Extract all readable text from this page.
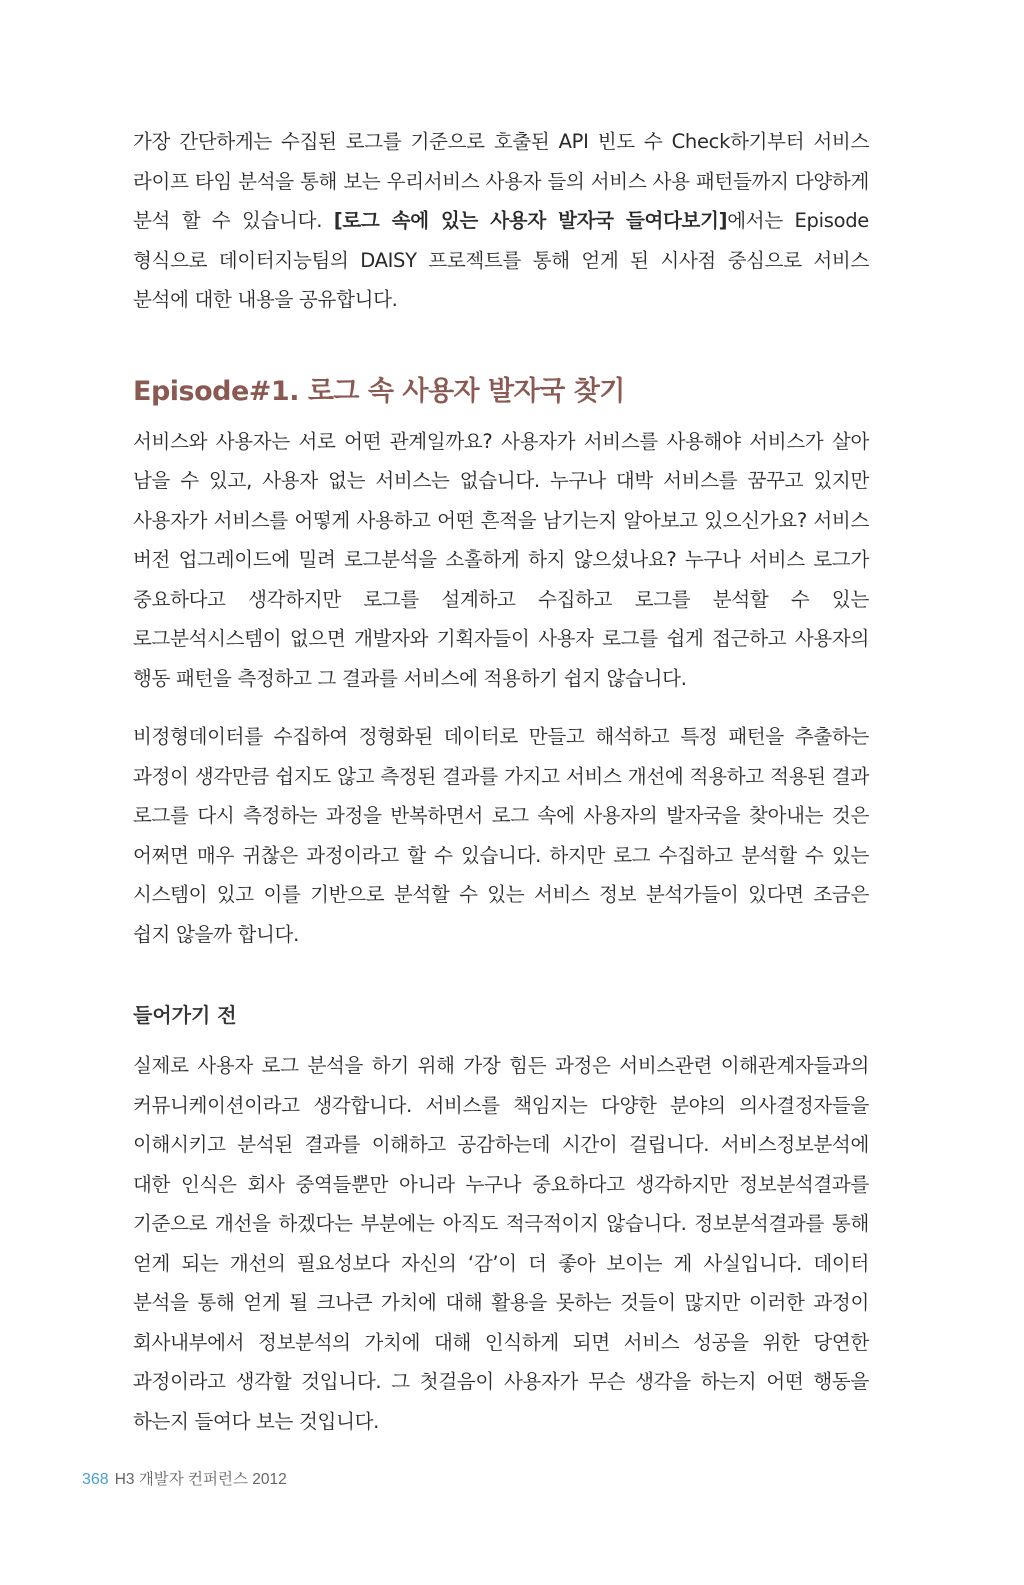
가장 간단하게는 수집된 로그를 기준으로 호출된 API 빈도 수 Check하기부터 서비스 라이프 타임 분석을 통해 보는 우리서비스 사용자 들의 서비스 사용 패턴들까지 다양하게 분석 할 수 있습니다. [로그 속에 있는 사용자 발자국 들여다보기]에서는 Episode 형식으로 데이터지능팀의 DAISY 프로젝트를 통해 얻게 된 시사점 중심으로 서비스 분석에 대한 내용을 공유합니다.

Episode#1. 로그 속 사용자 발자국 찾기

서비스와 사용자는 서로 어떤 관계일까요? 사용자가 서비스를 사용해야 서비스가 살아 남을 수 있고, 사용자 없는 서비스는 없습니다. 누구나 대박 서비스를 꿈꾸고 있지만 사용자가 서비스를 어떻게 사용하고 어떤 흔적을 남기는지 알아보고 있으신가요? 서비스 버전 업그레이드에 밀려 로그분석을 소홀하게 하지 않으셨나요? 누구나 서비스 로그가 중요하다고 생각하지만 로그를 설계하고 수집하고 로그를 분석할 수 있는 로그분석시스템이 없으면 개발자와 기획자들이 사용자 로그를 쉽게 접근하고 사용자의 행동 패턴을 측정하고 그 결과를 서비스에 적용하기 쉽지 않습니다.

비정형데이터를 수집하여 정형화된 데이터로 만들고 해석하고 특정 패턴을 추출하는 과정이 생각만큼 쉽지도 않고 측정된 결과를 가지고 서비스 개선에 적용하고 적용된 결과 로그를 다시 측정하는 과정을 반복하면서 로그 속에 사용자의 발자국을 찾아내는 것은 어쩌면 매우 귀찮은 과정이라고 할 수 있습니다. 하지만 로그 수집하고 분석할 수 있는 시스템이 있고 이를 기반으로 분석할 수 있는 서비스 정보 분석가들이 있다면 조금은 쉽지 않을까 합니다.

들어가기 전

실제로 사용자 로그 분석을 하기 위해 가장 힘든 과정은 서비스관련 이해관계자들과의 커뮤니케이션이라고 생각합니다. 서비스를 책임지는 다양한 분야의 의사결정자들을 이해시키고 분석된 결과를 이해하고 공감하는데 시간이 걸립니다. 서비스정보분석에 대한 인식은 회사 중역들뿐만 아니라 누구나 중요하다고 생각하지만 정보분석결과를 기준으로 개선을 하겠다는 부분에는 아직도 적극적이지 않습니다. 정보분석결과를 통해 얻게 되는 개선의 필요성보다 자신의 ‘감’이 더 좋아 보이는 게 사실입니다. 데이터 분석을 통해 얻게 될 크나큰 가치에 대해 활용을 못하는 것들이 많지만 이러한 과정이 회사내부에서 정보분석의 가치에 대해 인식하게 되면 서비스 성공을 위한 당연한 과정이라고 생각할 것입니다. 그 첫걸음이 사용자가 무슨 생각을 하는지 어떤 행동을 하는지 들여다 보는 것입니다.

368 H3 개발자 컨퍼런스 2012
